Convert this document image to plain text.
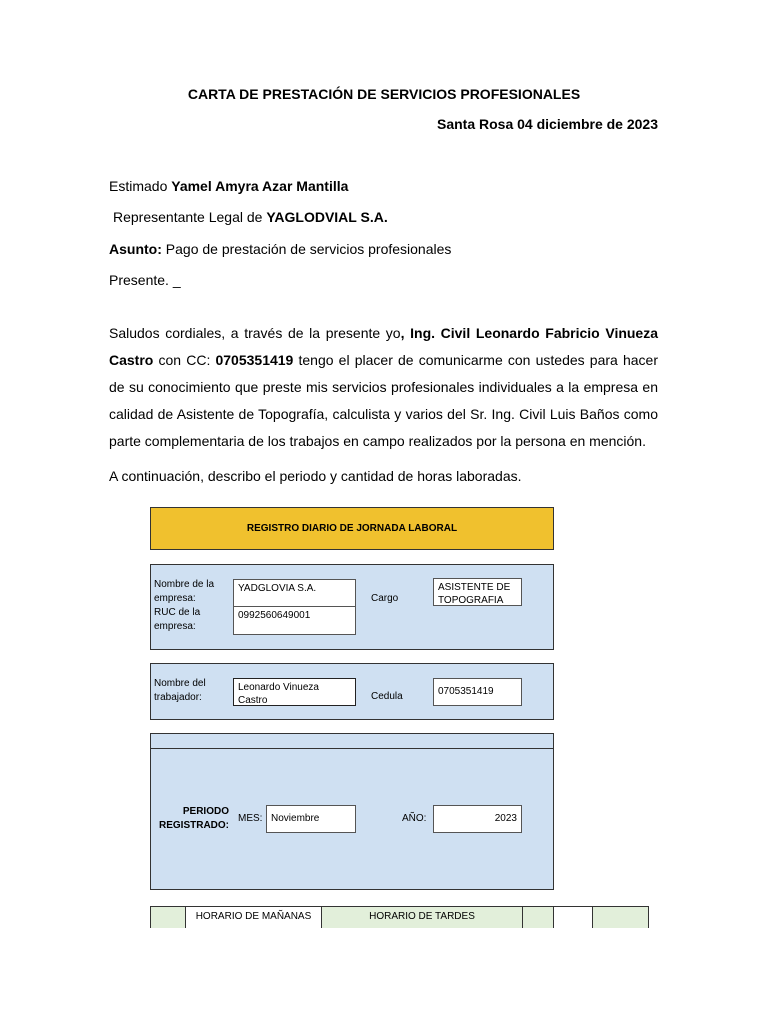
CARTA DE PRESTACIÓN DE SERVICIOS PROFESIONALES
Santa Rosa 04 diciembre de 2023
Estimado Yamel Amyra Azar Mantilla
Representante Legal de YAGLODVIAL S.A.
Asunto: Pago de prestación de servicios profesionales
Presente. _
Saludos cordiales, a través de la presente yo, Ing. Civil Leonardo Fabricio Vinueza Castro con CC: 0705351419 tengo el placer de comunicarme con ustedes para hacer de su conocimiento que preste mis servicios profesionales individuales a la empresa en calidad de Asistente de Topografía, calculista y varios del Sr. Ing. Civil Luis Baños como parte complementaria de los trabajos en campo realizados por la persona en mención.
A continuación, describo el periodo y cantidad de horas laboradas.
REGISTRO DIARIO DE JORNADA LABORAL
Nombre de la empresa:
YADGLOVIA S.A.
RUC de la empresa:
0992560649001
Cargo
ASISTENTE DE TOPOGRAFIA
Nombre del trabajador:
Leonardo Vinueza Castro	Cedula	0705351419
PERIODO REGISTRADO:
MES: Noviembre	AÑO:	2023
HORARIO DE MAÑANAS	HORARIO DE TARDES
